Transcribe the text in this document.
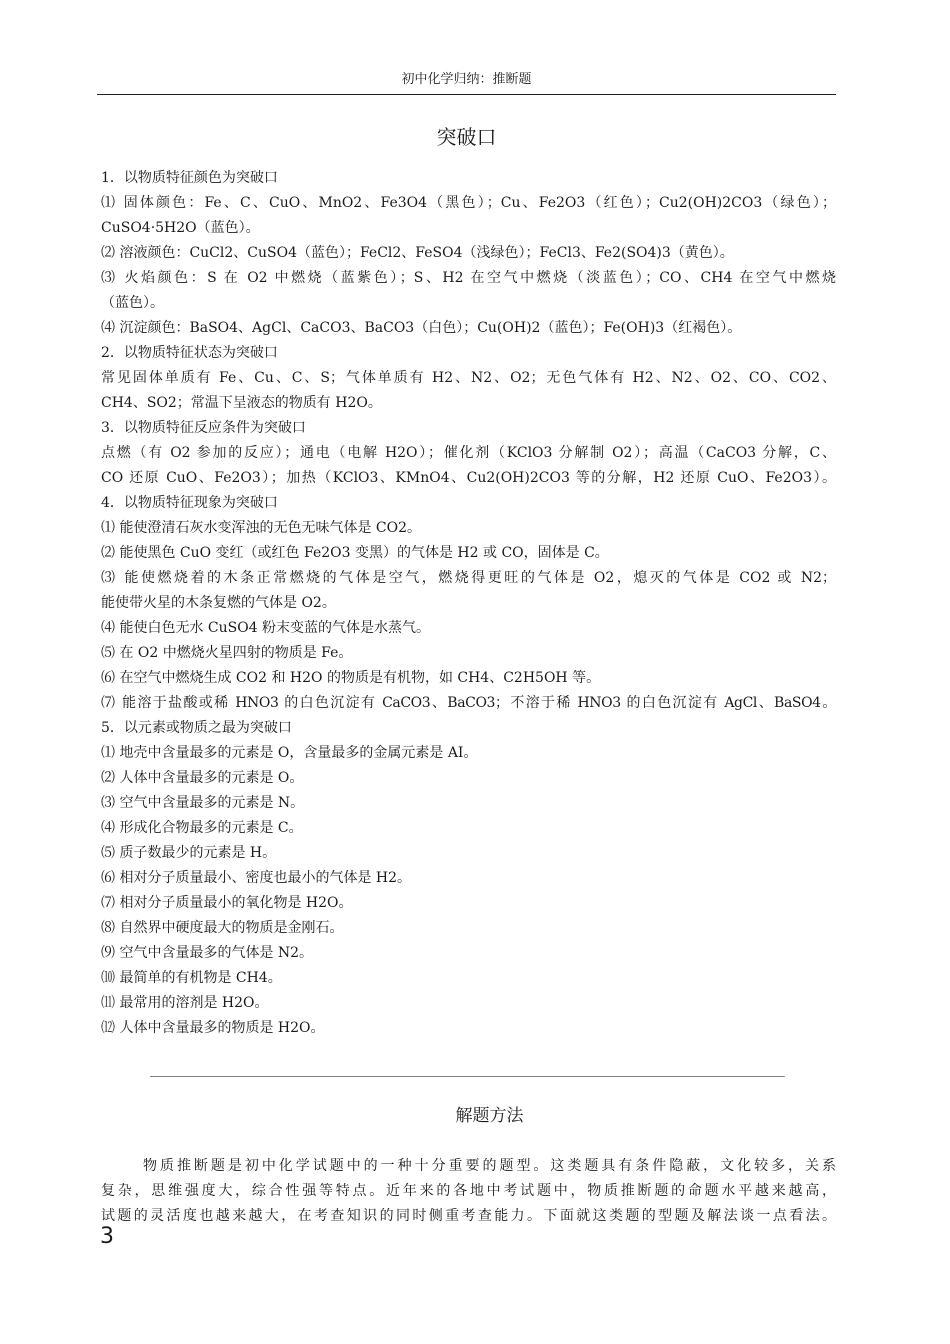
初中化学归纳：推断题
突破口
1．以物质特征颜色为突破口
⑴ 固体颜色：Fe、C、CuO、MnO2、Fe3O4（黑色）；Cu、Fe2O3（红色）；Cu2(OH)2CO3（绿色）；
CuSO4·5H2O（蓝色）。
⑵ 溶液颜色：CuCl2、CuSO4（蓝色）；FeCl2、FeSO4（浅绿色）；FeCl3、Fe2(SO4)3（黄色）。
⑶ 火焰颜色：S 在 O2 中燃烧（蓝紫色）；S、H2 在空气中燃烧（淡蓝色）；CO、CH4 在空气中燃烧
（蓝色）。
⑷ 沉淀颜色：BaSO4、AgCl、CaCO3、BaCO3（白色）；Cu(OH)2（蓝色）；Fe(OH)3（红褐色）。
2．以物质特征状态为突破口
常见固体单质有 Fe、Cu、C、S；气体单质有 H2、N2、O2；无色气体有 H2、N2、O2、CO、CO2、
CH4、SO2；常温下呈液态的物质有 H2O。
3．以物质特征反应条件为突破口
点燃（有 O2 参加的反应）；通电（电解 H2O）；催化剂（KClO3 分解制 O2）；高温（CaCO3 分解，C、
CO 还原 CuO、Fe2O3）；加热（KClO3、KMnO4、Cu2(OH)2CO3 等的分解，H2 还原 CuO、Fe2O3）。
4．以物质特征现象为突破口
⑴ 能使澄清石灰水变浑浊的无色无味气体是 CO2。
⑵ 能使黑色 CuO 变红（或红色 Fe2O3 变黑）的气体是 H2 或 CO，固体是 C。
⑶ 能使燃烧着的木条正常燃烧的气体是空气，燃烧得更旺的气体是 O2，熄灭的气体是 CO2 或 N2；
能使带火星的木条复燃的气体是 O2。
⑷ 能使白色无水 CuSO4 粉末变蓝的气体是水蒸气。
⑸ 在 O2 中燃烧火星四射的物质是 Fe。
⑹ 在空气中燃烧生成 CO2 和 H2O 的物质是有机物，如 CH4、C2H5OH 等。
⑺ 能溶于盐酸或稀 HNO3 的白色沉淀有 CaCO3、BaCO3；不溶于稀 HNO3 的白色沉淀有 AgCl、BaSO4。
5．以元素或物质之最为突破口
⑴ 地壳中含量最多的元素是 O，含量最多的金属元素是 AI。
⑵ 人体中含量最多的元素是 O。
⑶ 空气中含量最多的元素是 N。
⑷ 形成化合物最多的元素是 C。
⑸ 质子数最少的元素是 H。
⑹ 相对分子质量最小、密度也最小的气体是 H2。
⑺ 相对分子质量最小的氧化物是 H2O。
⑻ 自然界中硬度最大的物质是金刚石。
⑼ 空气中含量最多的气体是 N2。
⑽ 最简单的有机物是 CH4。
⑾ 最常用的溶剂是 H2O。
⑿ 人体中含量最多的物质是 H2O。
________________________________________________________________________________
解题方法
物质推断题是初中化学试题中的一种十分重要的题型。这类题具有条件隐蔽，文化较多，关系
复杂，思维强度大，综合性强等特点。近年来的各地中考试题中，物质推断题的命题水平越来越高，
试题的灵活度也越来越大，在考查知识的同时侧重考查能力。下面就这类题的型题及解法谈一点看法。
3
